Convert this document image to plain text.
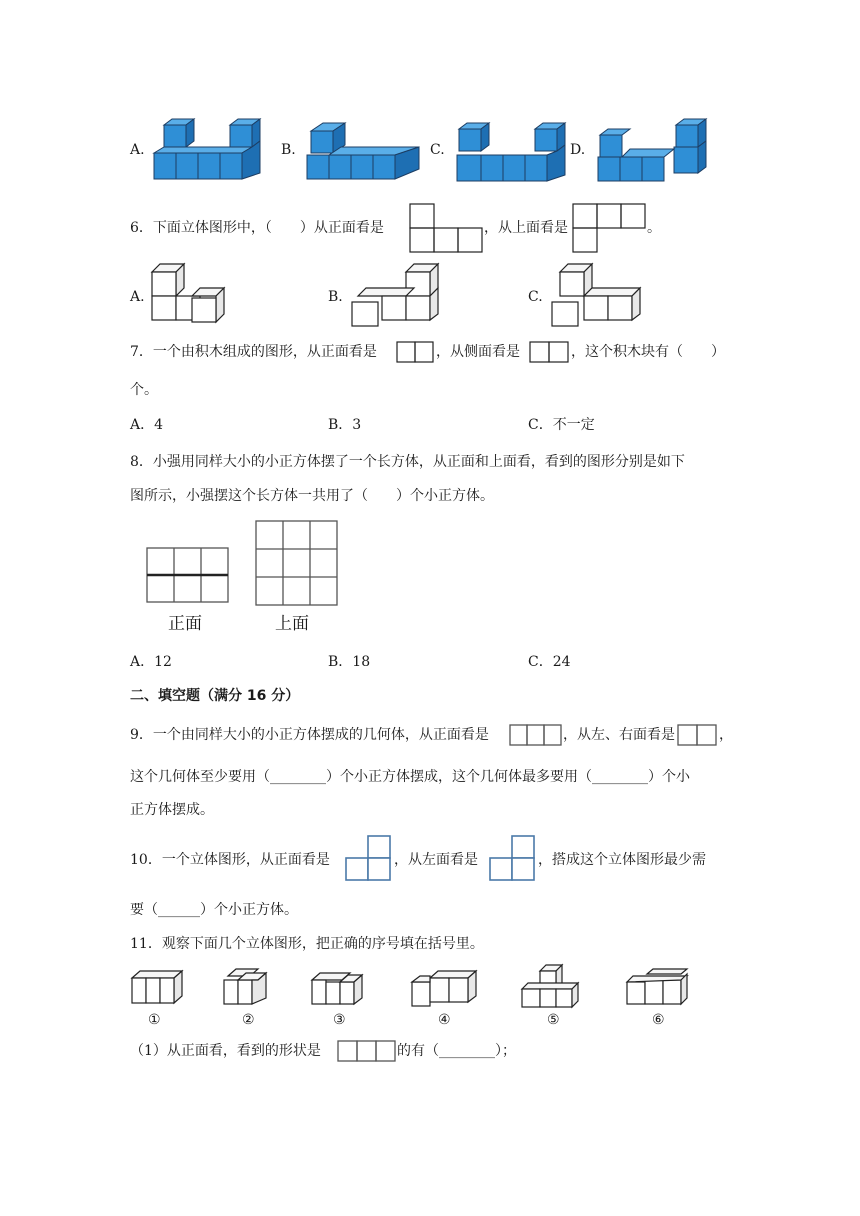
A.	B.	C.	D.
6．下面立体图形中，（　　）从正面看是	，从上面看是	。
A.	B.	C.
7．一个由积木组成的图形，从正面看是	，从侧面看是	，这个积木块有（　　）
个。
A．4	B．3	C．不一定
8．小强用同样大小的小正方体摆了一个长方体，从正面和上面看，看到的图形分别是如下
图所示，小强摆这个长方体一共用了（　　）个小正方体。
正面	上面
A．12	B．18	C．24
二、填空题（满分 16 分）
9．一个由同样大小的小正方体摆成的几何体，从正面看是	，从左、右面看是	，
这个几何体至少要用（________）个小正方体摆成，这个几何体最多要用（________）个小
正方体摆成。
10．一个立体图形，从正面看是	，从左面看是	，搭成这个立体图形最少需
要（______）个小正方体。
11．观察下面几个立体图形，把正确的序号填在括号里。
①	②	③	④	⑤	⑥
（1）从正面看，看到的形状是	的有（________）；
